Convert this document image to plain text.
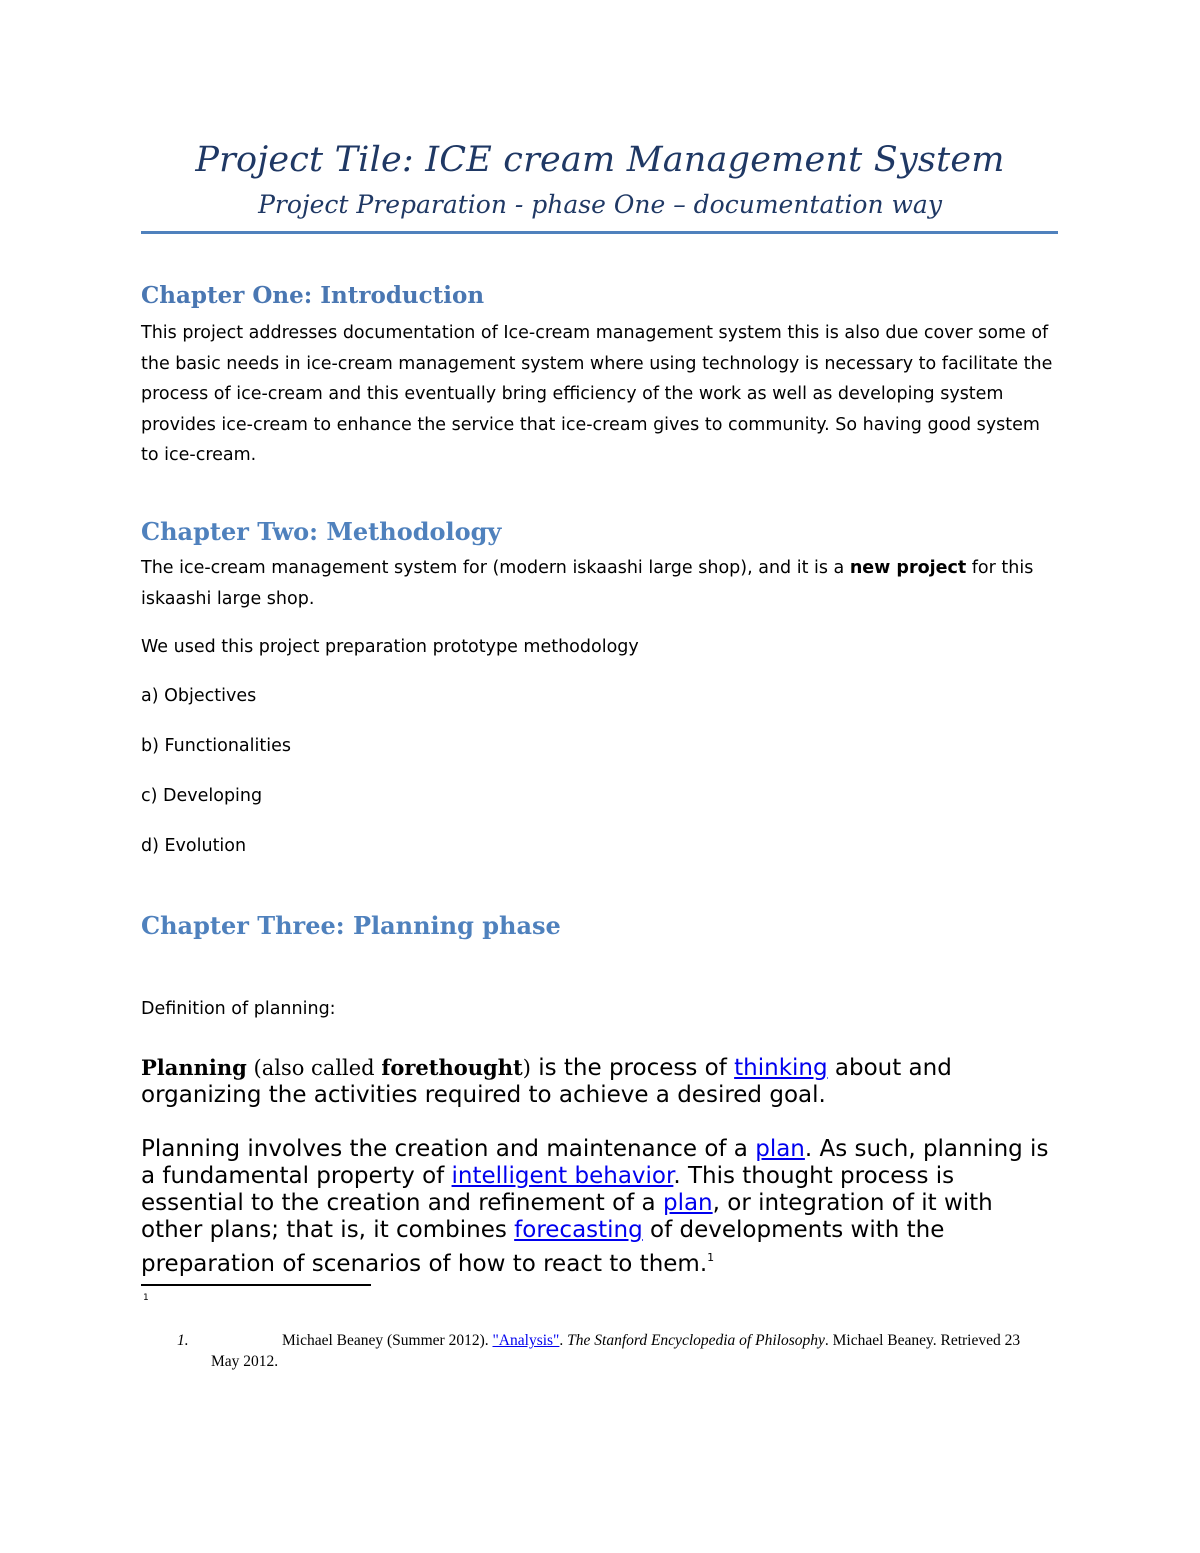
Project Tile: ICE cream Management System
Project Preparation - phase One – documentation way
Chapter One: Introduction
This project addresses documentation of Ice-cream management system this is also due cover some of the basic needs in ice-cream management system where using technology is necessary to facilitate the process of ice-cream and this eventually bring efficiency of the work as well as developing system provides ice-cream to enhance the service that ice-cream gives to community. So having good system to ice-cream.
Chapter Two: Methodology
The ice-cream management system for (modern iskaashi large shop), and it is a new project for this iskaashi large shop.
We used this project preparation prototype methodology
a) Objectives
b) Functionalities
c) Developing
d) Evolution
Chapter Three: Planning phase
Definition of planning:
Planning (also called forethought) is the process of thinking about and organizing the activities required to achieve a desired goal.
Planning involves the creation and maintenance of a plan. As such, planning is a fundamental property of intelligent behavior. This thought process is essential to the creation and refinement of a plan, or integration of it with other plans; that is, it combines forecasting of developments with the preparation of scenarios of how to react to them.$^1$
1
1.	Michael Beaney (Summer 2012). "Analysis". The Stanford Encyclopedia of Philosophy. Michael Beaney. Retrieved 23
May 2012.
